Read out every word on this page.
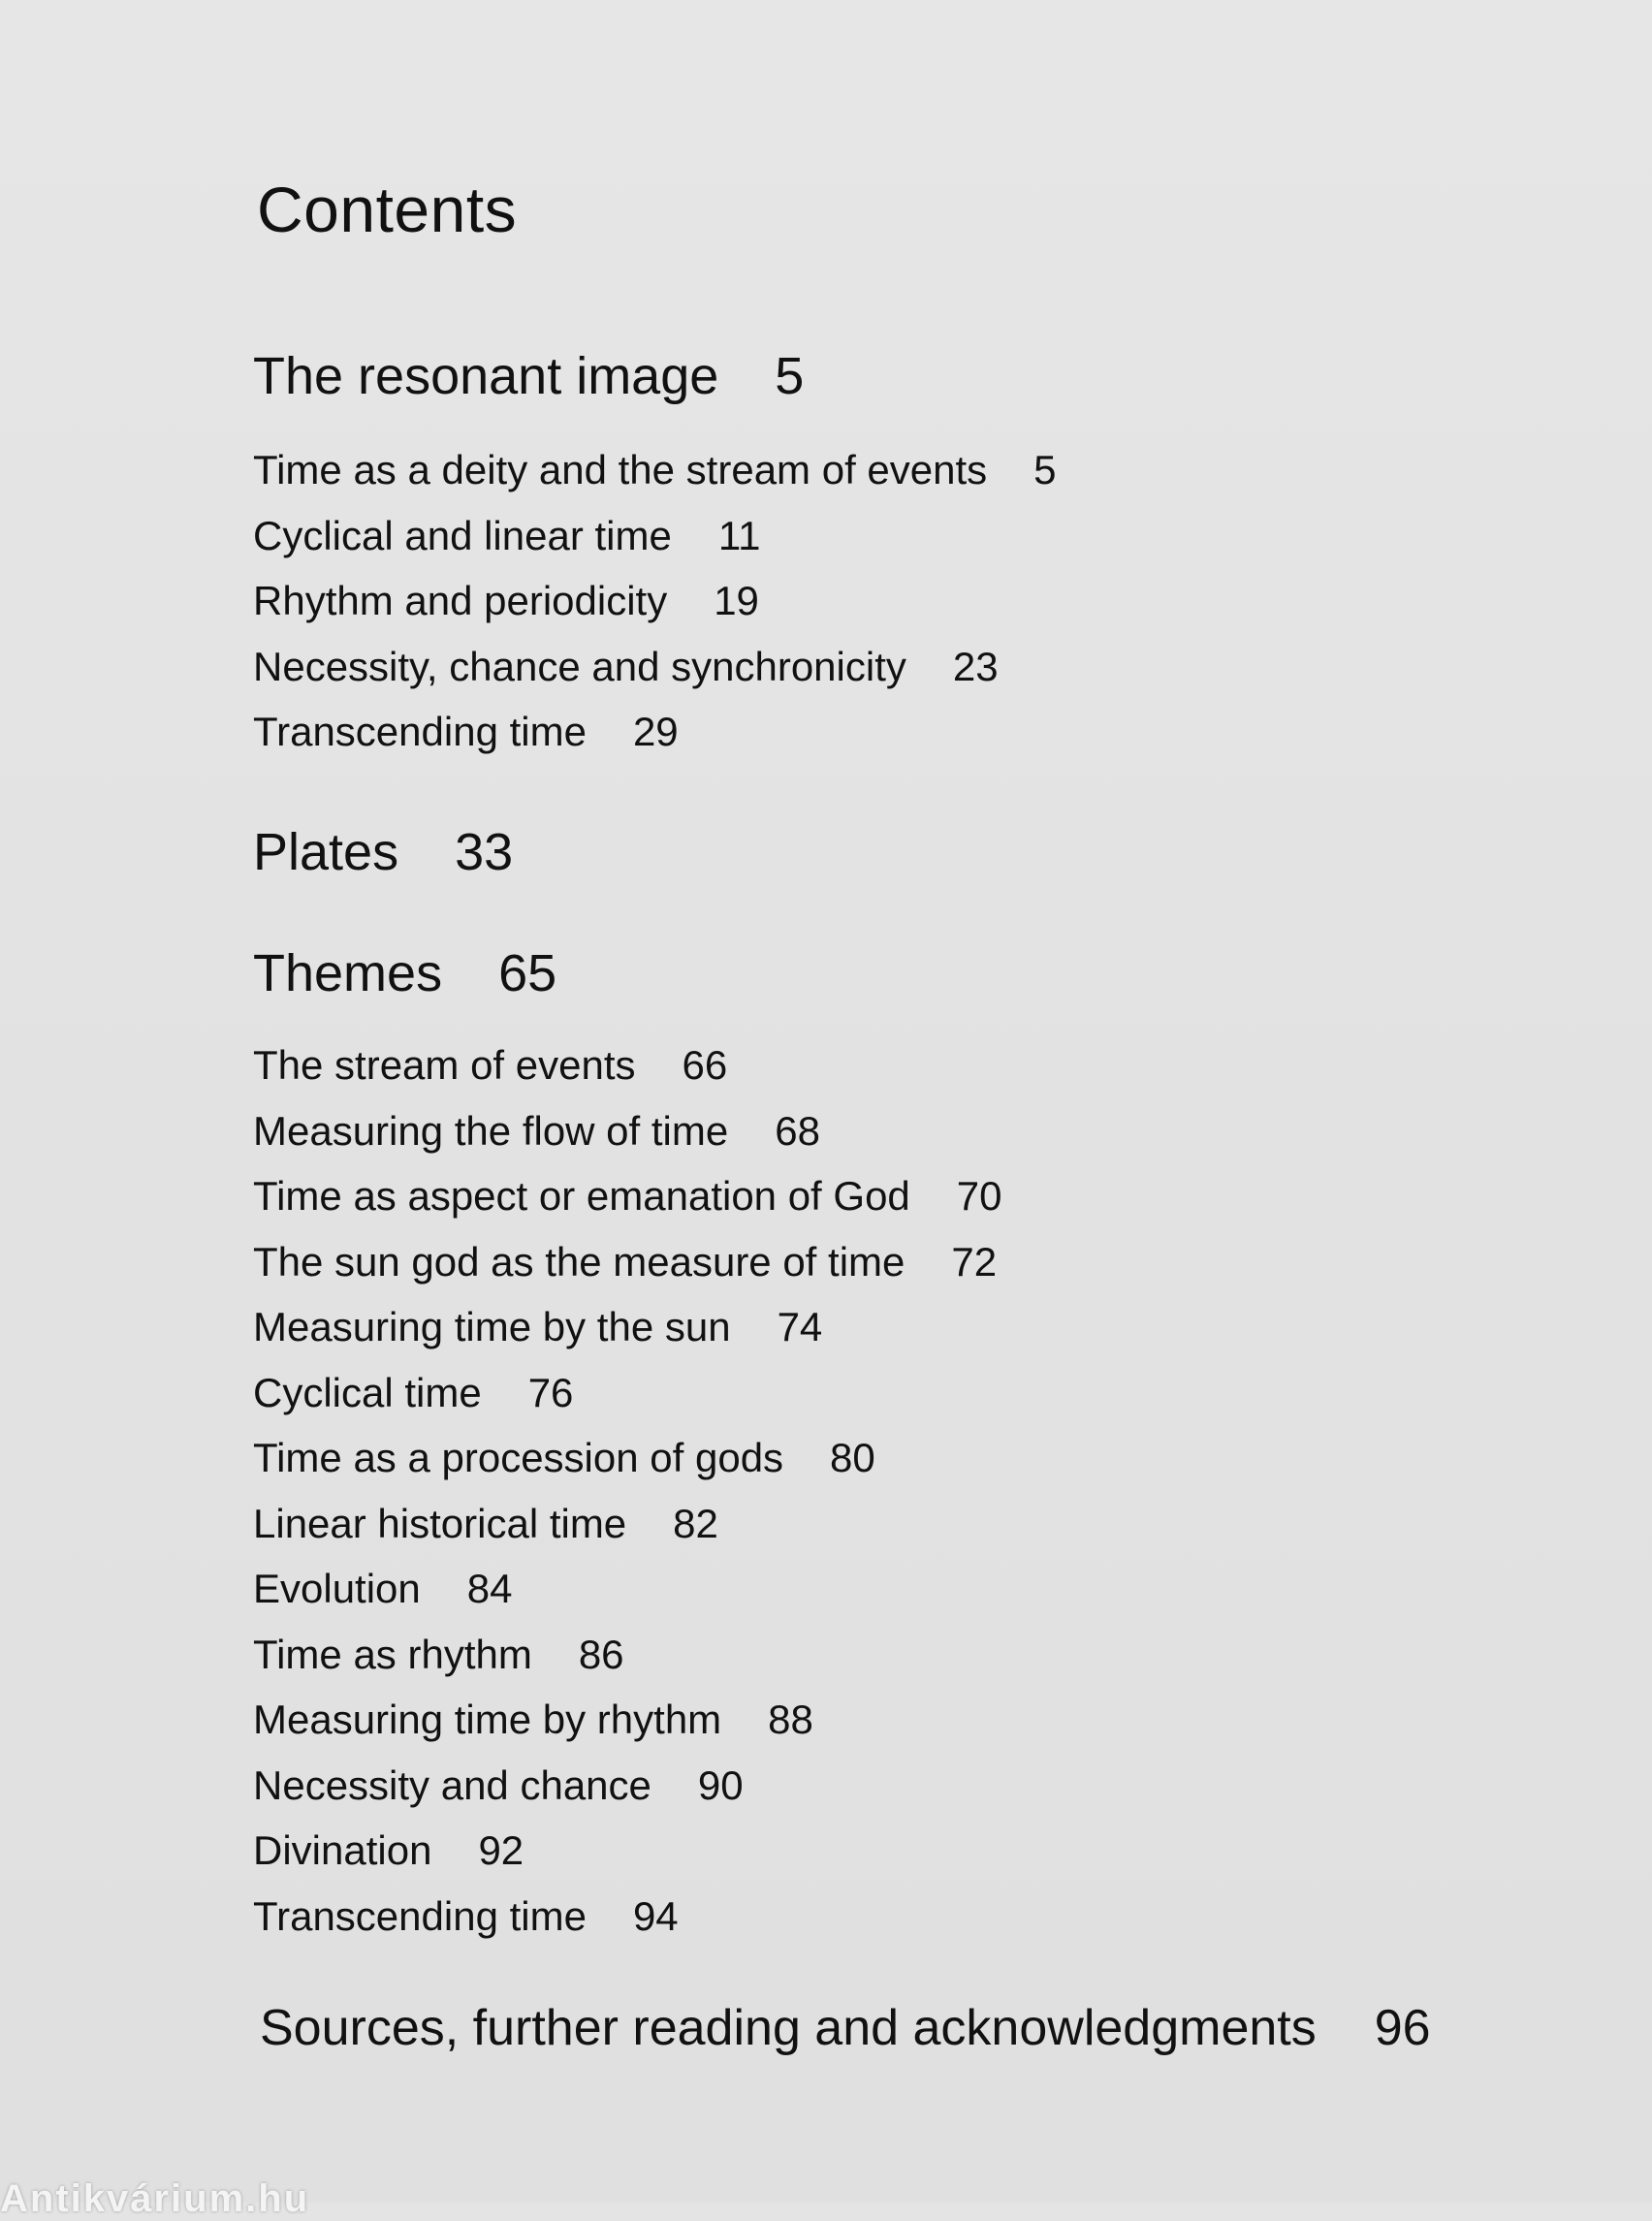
Contents
The resonant image 5
Time as a deity and the stream of events 5
Cyclical and linear time 11
Rhythm and periodicity 19
Necessity, chance and synchronicity 23
Transcending time 29
Plates 33
Themes 65
The stream of events 66
Measuring the flow of time 68
Time as aspect or emanation of God 70
The sun god as the measure of time 72
Measuring time by the sun 74
Cyclical time 76
Time as a procession of gods 80
Linear historical time 82
Evolution 84
Time as rhythm 86
Measuring time by rhythm 88
Necessity and chance 90
Divination 92
Transcending time 94
Sources, further reading and acknowledgments 96
Antikvárium.hu
